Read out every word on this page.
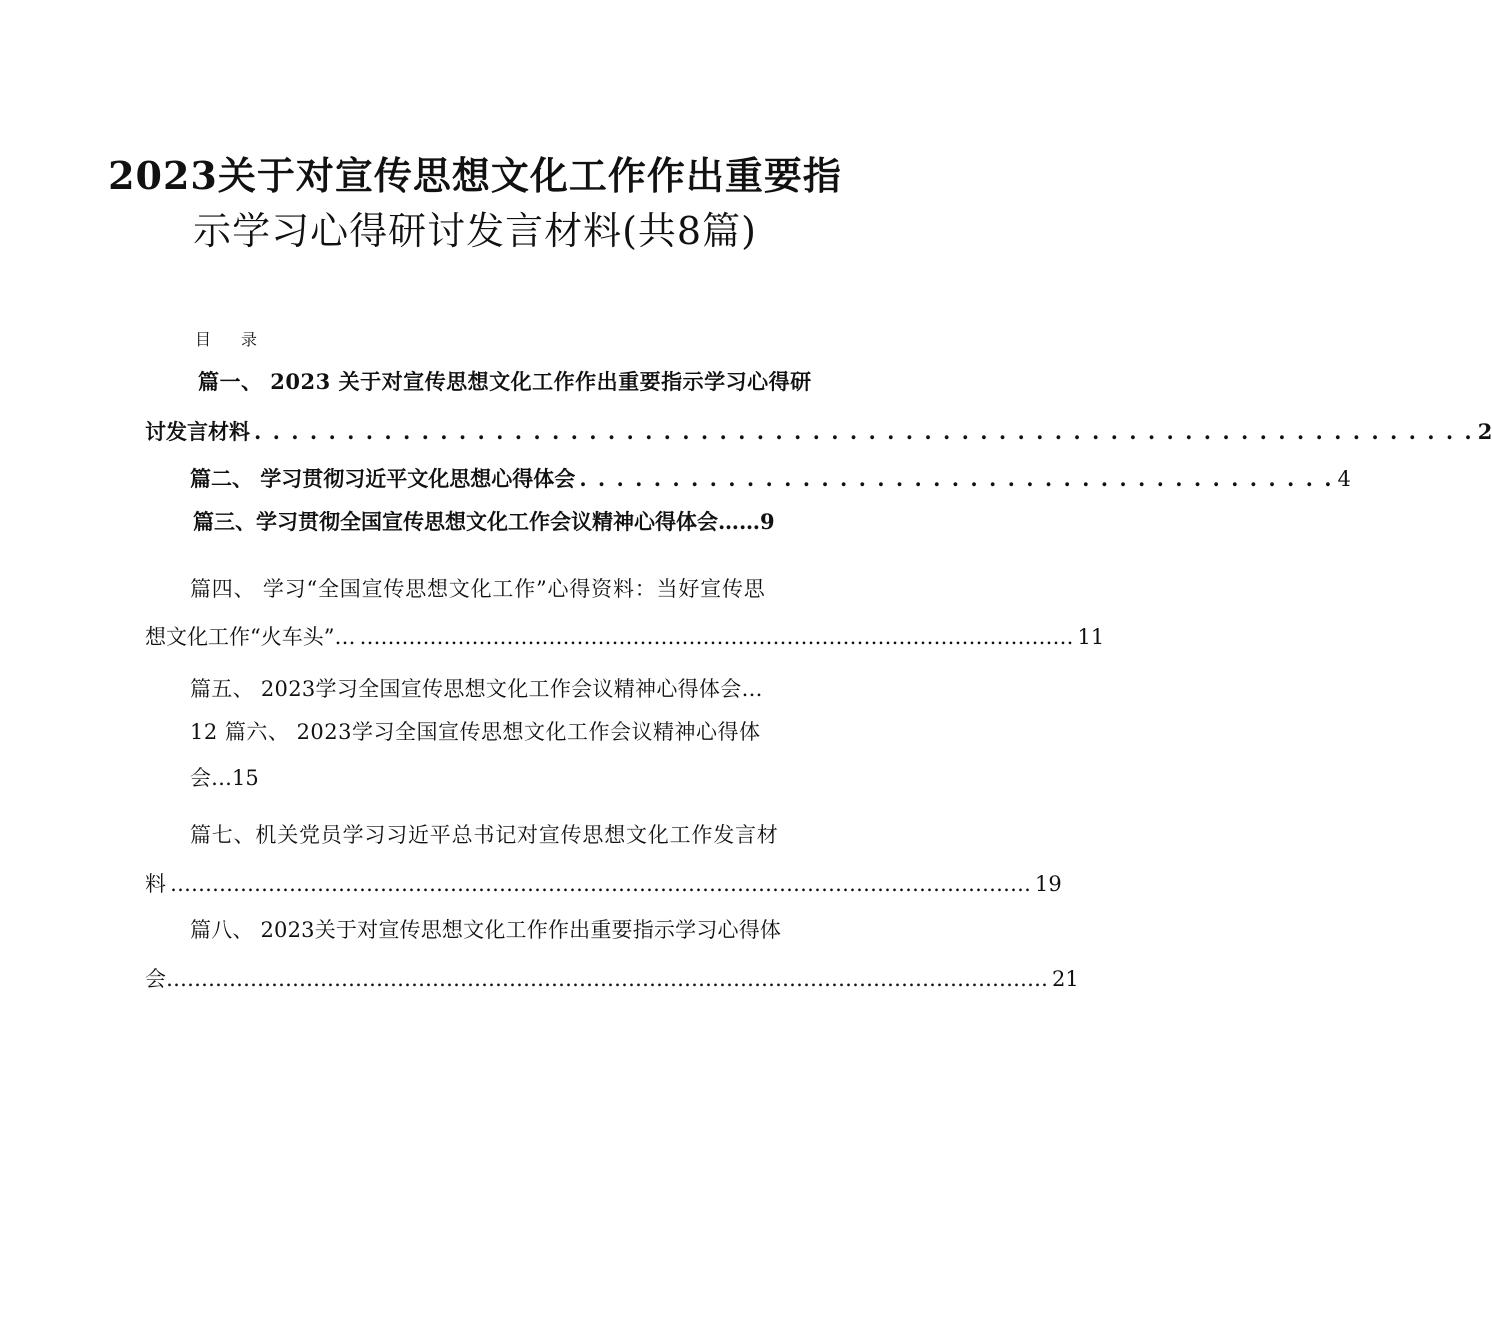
2023关于对宣传思想文化工作作出重要指
示学习心得研讨发言材料(共8篇)
目 录
篇一、 2023 关于对宣传思想文化工作作出重要指示学习心得研
讨发言材料 . . . . . . . . . . . . . . . . . . . . . . . . . . . . . . . . . . . . . . . . . . . . . . . . . . . . . . . . . . . . . . . . . . 2
篇二、 学习贯彻习近平文化思想心得体会 . . . . . . . . . . . . . . . . . . . . . . . . . . . . . . . . . . . . . . . . . 4
篇三、学习贯彻全国宣传思想文化工作会议精神心得体会……9
篇四、 学习“全国宣传思想文化工作”心得资料：当好宣传思
想文化工作“火车头”… ………………………………………………………………………………………… 11
篇五、 2023学习全国宣传思想文化工作会议精神心得体会…
12 篇六、 2023学习全国宣传思想文化工作会议精神心得体
会…15
篇七、机关党员学习习近平总书记对宣传思想文化工作发言材
料 …………………………………………………………………………………………………………… 19
篇八、 2023关于对宣传思想文化工作作出重要指示学习心得体
会 ……………………………………………………………………………………………………………… 21
